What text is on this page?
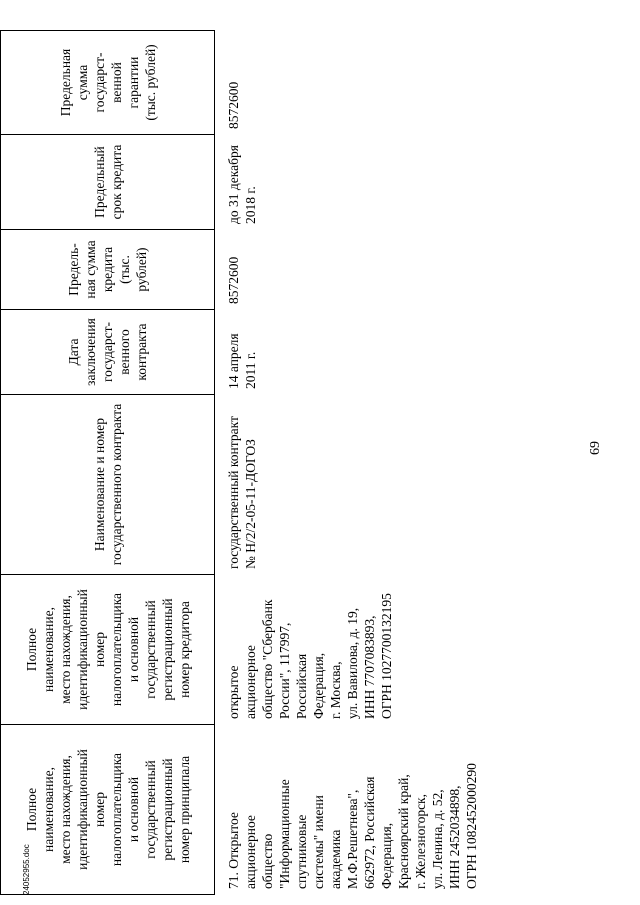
69
24052955.doc
Полное наименование, место нахождения, идентификационный номер налогоплательщика и основной государственный регистрационный номер принципала
Полное наименование, место нахождения, идентификационный номер налогоплательщика и основной государственный регистрационный номер кредитора
Наименование и номер государственного контракта
Дата заключения государст- венного контракта
Предель- ная сумма кредита (тыс. рублей)
Предельный срок кредита
Предельная сумма государст- венной гарантии (тыс. рублей)
71. Открытое акционерное общество "Информационные спутниковые системы" имени академика М.Ф.Решетнева", 662972, Российская Федерация, Красноярский край, г. Железногорск, ул. Ленина, д. 52, ИНН 2452034898, ОГРН 1082452000290
открытое акционерное общество "Сбербанк России", 117997, Российская Федерация, г. Москва, ул. Вавилова, д. 19, ИНН 7707083893, ОГРН 1027700132195
государственный контракт № Н/2/2-05-11-ДОГОЗ
14 апреля 2011 г.
8572600
до 31 декабря 2018 г.
8572600
